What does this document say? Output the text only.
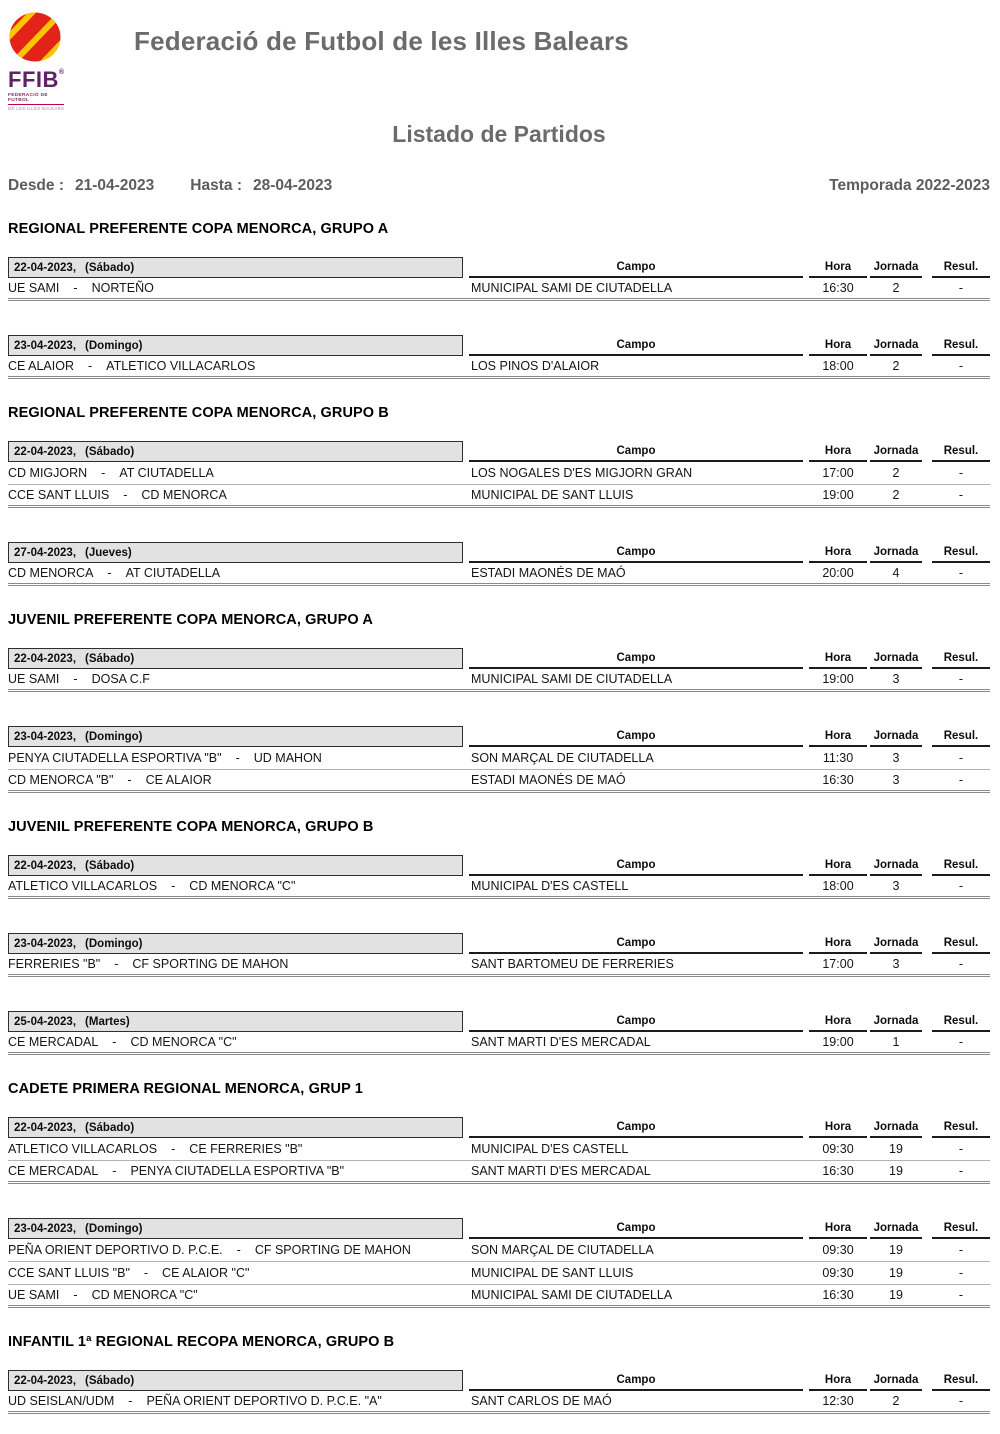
FFIB®
FEDERACIÓ DE FUTBOL
DE LES ILLES BALEARS
Federació de Futbol de les Illes Balears
Listado de Partidos
Desde : 21-04-2023 Hasta : 28-04-2023	Temporada 2022-2023
REGIONAL PREFERENTE COPA MENORCA, GRUPO A
22-04-2023, (Sábado)	Campo	Hora	Jornada	Resul.
UE SAMI - NORTEÑO	MUNICIPAL SAMI DE CIUTADELLA	16:30	2	-
23-04-2023, (Domingo)	Campo	Hora	Jornada	Resul.
CE ALAIOR - ATLETICO VILLACARLOS	LOS PINOS D'ALAIOR	18:00	2	-
REGIONAL PREFERENTE COPA MENORCA, GRUPO B
22-04-2023, (Sábado)	Campo	Hora	Jornada	Resul.
CD MIGJORN - AT CIUTADELLA	LOS NOGALES D'ES MIGJORN GRAN	17:00	2	-
CCE SANT LLUIS - CD MENORCA	MUNICIPAL DE SANT LLUIS	19:00	2	-
27-04-2023, (Jueves)	Campo	Hora	Jornada	Resul.
CD MENORCA - AT CIUTADELLA	ESTADI MAONÉS DE MAÓ	20:00	4	-
JUVENIL PREFERENTE COPA MENORCA, GRUPO A
22-04-2023, (Sábado)	Campo	Hora	Jornada	Resul.
UE SAMI - DOSA C.F	MUNICIPAL SAMI DE CIUTADELLA	19:00	3	-
23-04-2023, (Domingo)	Campo	Hora	Jornada	Resul.
PENYA CIUTADELLA ESPORTIVA "B" - UD MAHON	SON MARÇAL DE CIUTADELLA	11:30	3	-
CD MENORCA "B" - CE ALAIOR	ESTADI MAONÉS DE MAÓ	16:30	3	-
JUVENIL PREFERENTE COPA MENORCA, GRUPO B
22-04-2023, (Sábado)	Campo	Hora	Jornada	Resul.
ATLETICO VILLACARLOS - CD MENORCA "C"	MUNICIPAL D'ES CASTELL	18:00	3	-
23-04-2023, (Domingo)	Campo	Hora	Jornada	Resul.
FERRERIES "B" - CF SPORTING DE MAHON	SANT BARTOMEU DE FERRERIES	17:00	3	-
25-04-2023, (Martes)	Campo	Hora	Jornada	Resul.
CE MERCADAL - CD MENORCA "C"	SANT MARTI D'ES MERCADAL	19:00	1	-
CADETE PRIMERA REGIONAL MENORCA, GRUP 1
22-04-2023, (Sábado)	Campo	Hora	Jornada	Resul.
ATLETICO VILLACARLOS - CE FERRERIES "B"	MUNICIPAL D'ES CASTELL	09:30	19	-
CE MERCADAL - PENYA CIUTADELLA ESPORTIVA "B"	SANT MARTI D'ES MERCADAL	16:30	19	-
23-04-2023, (Domingo)	Campo	Hora	Jornada	Resul.
PEÑA ORIENT DEPORTIVO D. P.C.E. - CF SPORTING DE MAHON	SON MARÇAL DE CIUTADELLA	09:30	19	-
CCE SANT LLUIS "B" - CE ALAIOR "C"	MUNICIPAL DE SANT LLUIS	09:30	19	-
UE SAMI - CD MENORCA "C"	MUNICIPAL SAMI DE CIUTADELLA	16:30	19	-
INFANTIL 1ª REGIONAL RECOPA MENORCA, GRUPO B
22-04-2023, (Sábado)	Campo	Hora	Jornada	Resul.
UD SEISLAN/UDM - PEÑA ORIENT DEPORTIVO D. P.C.E. "A"	SANT CARLOS DE MAÓ	12:30	2	-
